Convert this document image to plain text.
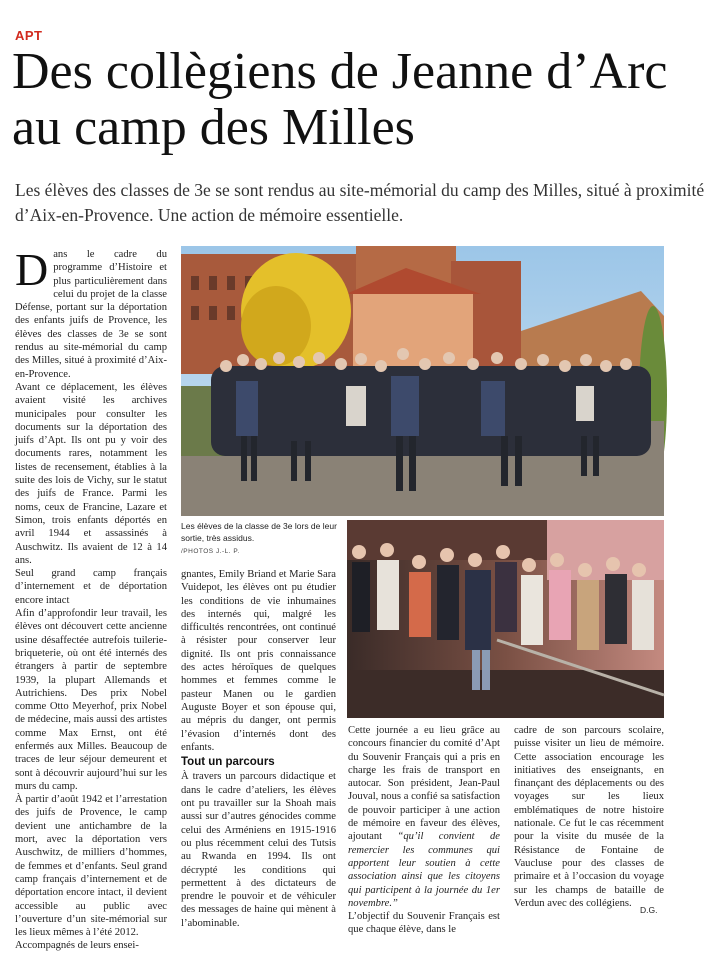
APT
Des collègiens de Jeanne d’Arc au camp des Milles

Les élèves des classes de 3e se sont rendus au site-mémorial du camp des Milles, situé à proximité d’Aix-en-Provence. Une action de mémoire essentielle.

Les élèves de la classe de 3e lors de leur sortie, très assidus.
/PHOTOS J.-L. P.

Dans le cadre du programme d’Histoire et plus particulièrement dans celui du projet de la classe Défense, portant sur la déportation des enfants juifs de Provence, les élèves des classes de 3e se sont rendus au site-mémorial du camp des Milles, situé à proximité d’Aix-en-Provence.

Avant ce déplacement, les élèves avaient visité les archives municipales pour consulter les documents sur la déportation des juifs d’Apt. Ils ont pu y voir des documents rares, notamment les listes de recensement, établies à la suite des lois de Vichy, sur le statut des juifs de France. Parmi les noms, ceux de Francine, Lazare et Simon, trois enfants déportés en avril 1944 et assassinés à Auschwitz. Ils avaient de 12 à 14 ans.

Seul grand camp français d’internement et de déportation encore intact

Afin d’approfondir leur travail, les élèves ont découvert cette ancienne usine désaffectée autrefois tuilerie-briqueterie, où ont été internés des étrangers à partir de septembre 1939, la plupart Allemands et Autrichiens. Des prix Nobel comme Otto Meyerhof, prix Nobel de médecine, mais aussi des artistes comme Max Ernst, ont été enfermés aux Milles. Beaucoup de traces de leur séjour demeurent et sont à découvrir aujourd’hui sur les murs du camp.

À partir d’août 1942 et l’arrestation des juifs de Provence, le camp devient une antichambre de la mort, avec la déportation vers Auschwitz, de milliers d’hommes, de femmes et d’enfants. Seul grand camp français d’internement et de déportation encore intact, il devient accessible au public avec l’ouverture d’un site-mémorial sur les lieux mêmes à l’été 2012.

Accompagnés de leurs ensei-

gnantes, Emily Briand et Marie Sara Vuidepot, les élèves ont pu étudier les conditions de vie inhumaines des internés qui, malgré les difficultés rencontrées, ont continué à résister pour conserver leur dignité. Ils ont pris connaissance des actes héroïques de quelques hommes et femmes comme le pasteur Manen ou le gardien Auguste Boyer et son épouse qui, au mépris du danger, ont permis l’évasion d’internés dont des enfants.

Tout un parcours

À travers un parcours didactique et dans le cadre d’ateliers, les élèves ont pu travailler sur la Shoah mais aussi sur d’autres génocides comme celui des Arméniens en 1915-1916 ou plus récemment celui des Tutsis au Rwanda en 1994. Ils ont décrypté les conditions qui permettent à des dictateurs de prendre le pouvoir et de véhiculer des messages de haine qui mènent à l’abominable.

Cette journée a eu lieu grâce au concours financier du comité d’Apt du Souvenir Français qui a pris en charge les frais de transport en autocar. Son président, Jean-Paul Jouval, nous a confié sa satisfaction de pouvoir participer à une action de mémoire en faveur des élèves, ajoutant “qu’il convient de remercier les communes qui apportent leur soutien à cette association ainsi que les citoyens qui participent à la journée du 1er novembre.”

L’objectif du Souvenir Français est que chaque élève, dans le

cadre de son parcours scolaire, puisse visiter un lieu de mémoire. Cette association encourage les initiatives des enseignants, en finançant des déplacements ou des voyages sur les lieux emblématiques de notre histoire nationale. Ce fut le cas récemment pour la visite du musée de la Résistance de Fontaine de Vaucluse pour des classes de primaire et à l’occasion du voyage sur les champs de bataille de Verdun avec des collégiens.

D.G.
